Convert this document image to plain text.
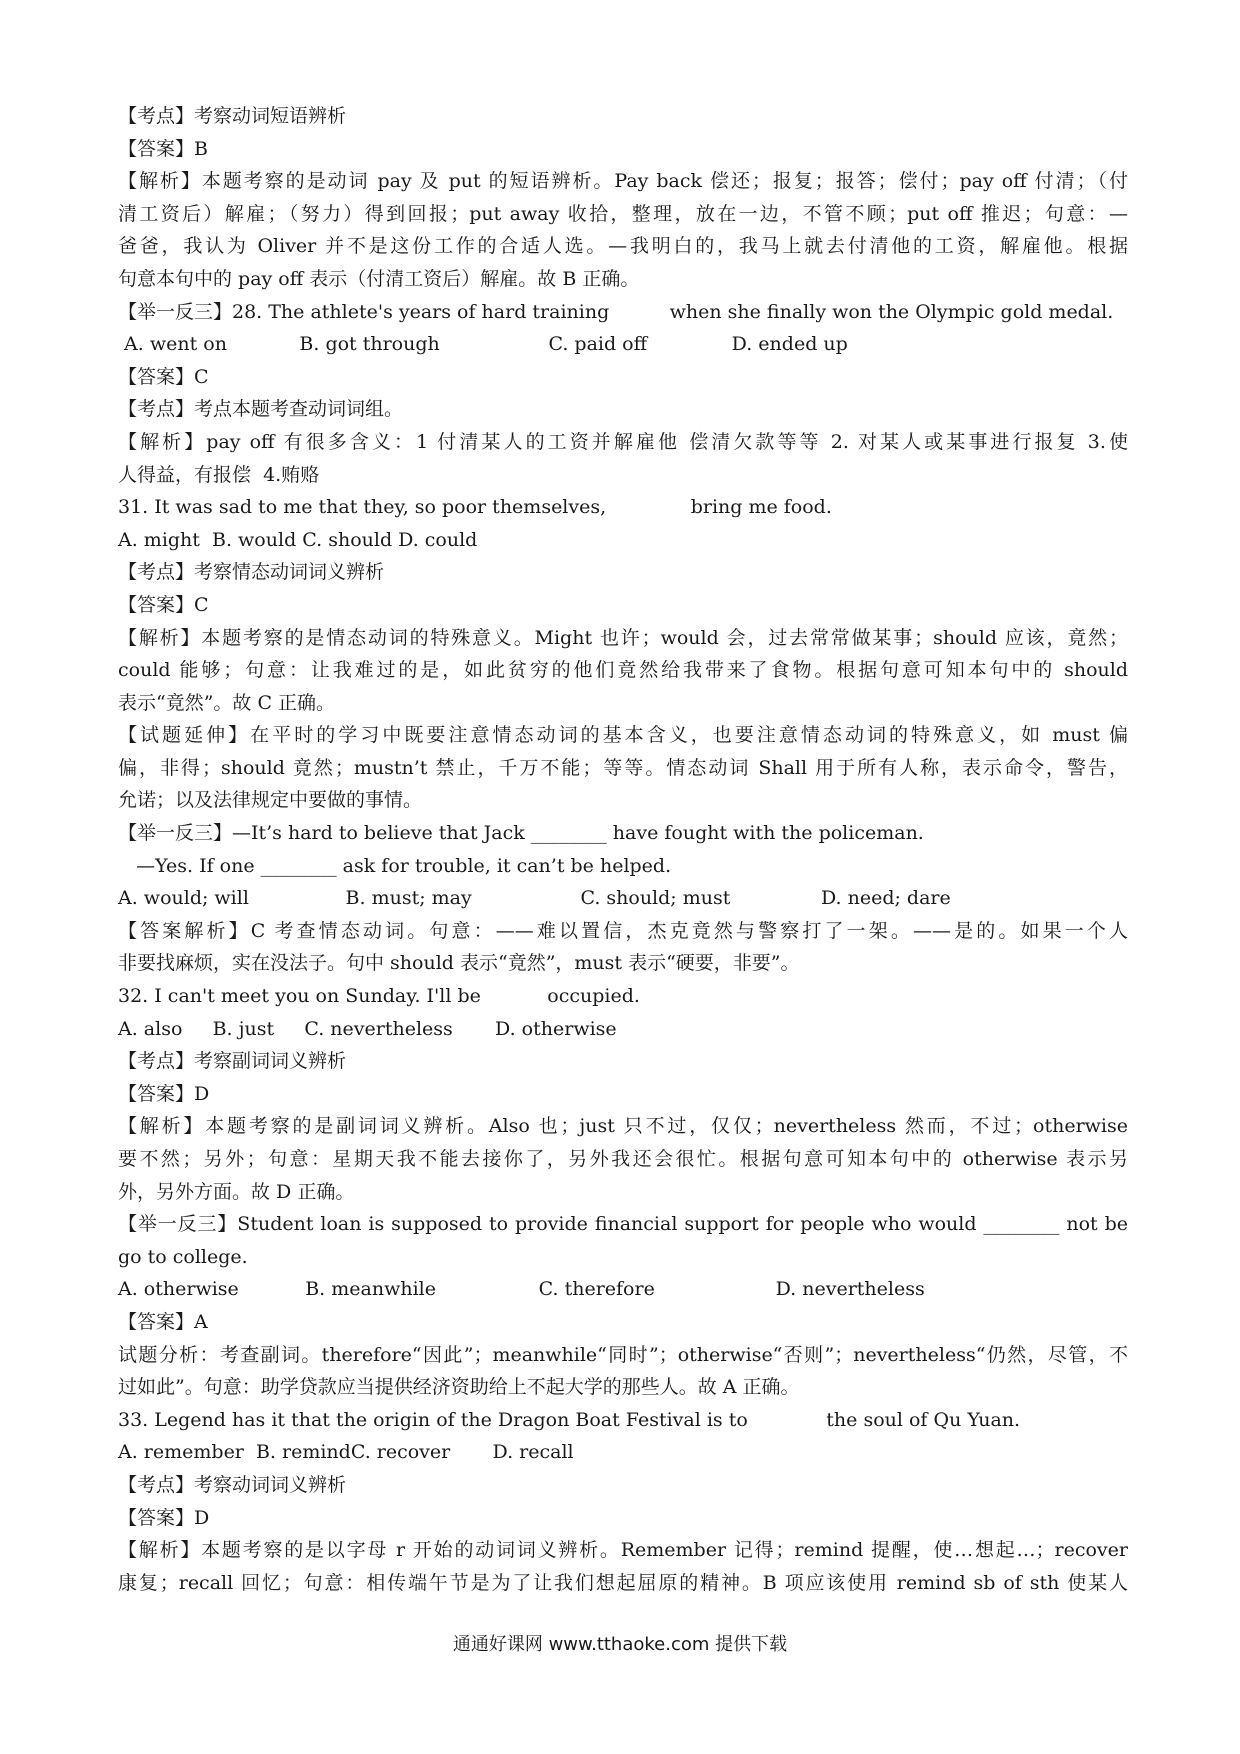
【考点】考察动词短语辨析
【答案】B
【解析】本题考察的是动词 pay 及 put 的短语辨析。Pay back 偿还；报复；报答；偿付；pay off 付清；（付
清工资后）解雇；（努力）得到回报；put away 收拾，整理，放在一边，不管不顾；put off 推迟；句意：—
爸爸，我认为 Oliver 并不是这份工作的合适人选。—我明白的，我马上就去付清他的工资，解雇他。根据
句意本句中的 pay off 表示（付清工资后）解雇。故 B 正确。
【举一反三】28. The athlete's years of hard training          when she finally won the Olympic gold medal.
A. went on            B. got through                  C. paid off              D. ended up
【答案】C
【考点】考点本题考查动词词组。
【解析】pay off 有很多含义：1 付清某人的工资并解雇他 偿清欠款等等 2. 对某人或某事进行报复 3.使
人得益，有报偿  4.贿赂
31. It was sad to me that they, so poor themselves,              bring me food.
A. might  B. would C. should D. could
【考点】考察情态动词词义辨析
【答案】C
【解析】本题考察的是情态动词的特殊意义。Might 也许；would 会，过去常常做某事；should 应该，竟然；
could 能够；句意：让我难过的是，如此贫穷的他们竟然给我带来了食物。根据句意可知本句中的 should
表示“竟然”。故 C 正确。
【试题延伸】在平时的学习中既要注意情态动词的基本含义，也要注意情态动词的特殊意义，如 must 偏
偏，非得；should 竟然；mustn’t 禁止，千万不能；等等。情态动词 Shall 用于所有人称，表示命令，警告，
允诺；以及法律规定中要做的事情。
【举一反三】—It’s hard to believe that Jack ________ have fought with the policeman.
—Yes. If one ________ ask for trouble, it can’t be helped.
A. would; will                B. must; may                  C. should; must               D. need; dare
【答案解析】C 考查情态动词。句意：——难以置信，杰克竟然与警察打了一架。——是的。如果一个人
非要找麻烦，实在没法子。句中 should 表示“竟然”，must 表示“硬要，非要”。
32. I can't meet you on Sunday. I'll be           occupied.
A. also     B. just     C. nevertheless       D. otherwise
【考点】考察副词词义辨析
【答案】D
【解析】本题考察的是副词词义辨析。Also 也；just 只不过，仅仅；nevertheless 然而，不过；otherwise
要不然；另外；句意：星期天我不能去接你了，另外我还会很忙。根据句意可知本句中的 otherwise 表示另
外，另外方面。故 D 正确。
【举一反三】Student loan is supposed to provide financial support for people who would ________ not be
go to college.
A. otherwise           B. meanwhile                 C. therefore                    D. nevertheless
【答案】A
试题分析：考查副词。therefore“因此”；meanwhile“同时”；otherwise“否则”；nevertheless“仍然，尽管，不
过如此”。句意：助学贷款应当提供经济资助给上不起大学的那些人。故 A 正确。
33. Legend has it that the origin of the Dragon Boat Festival is to             the soul of Qu Yuan.
A. remember  B. remindC. recover       D. recall
【考点】考察动词词义辨析
【答案】D
【解析】本题考察的是以字母 r 开始的动词词义辨析。Remember 记得；remind 提醒，使…想起…；recover
康复；recall 回忆；句意：相传端午节是为了让我们想起屈原的精神。B 项应该使用 remind sb of sth 使某人
通通好课网 www.tthaoke.com 提供下载
